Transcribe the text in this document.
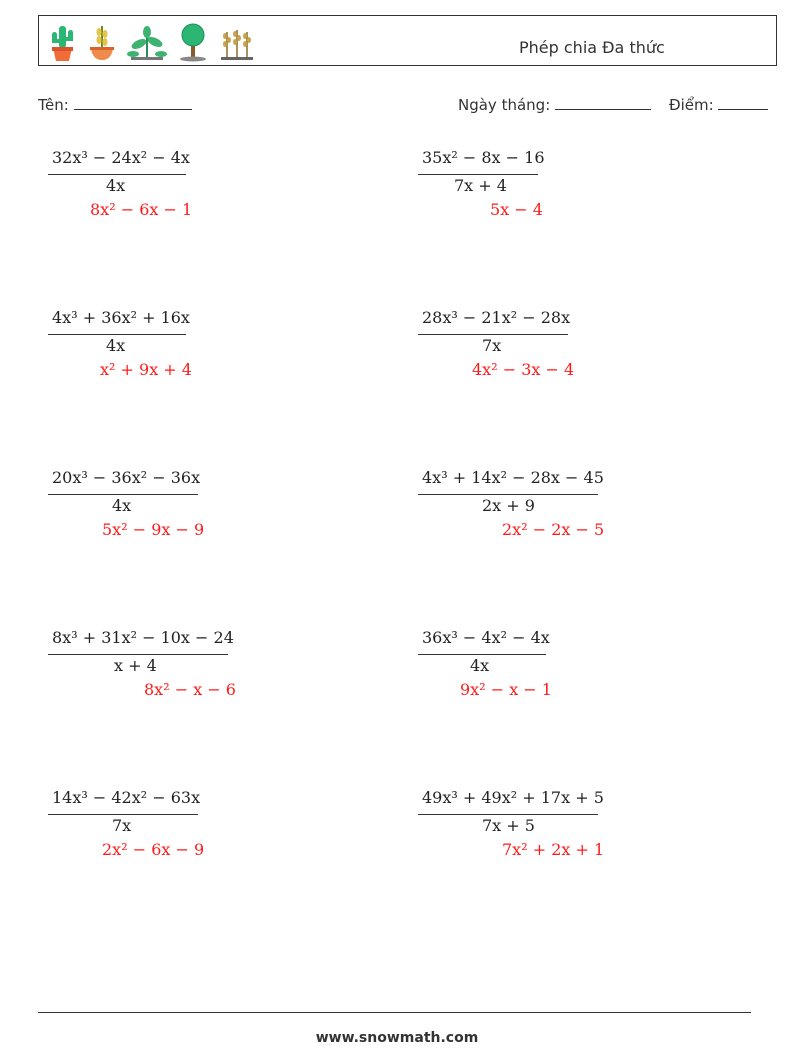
Phép chia Đa thức
Tên:	Ngày tháng:	Điểm:
32x³ − 24x² − 4x
4x
8x² − 6x − 1
35x² − 8x − 16
7x + 4
5x − 4
4x³ + 36x² + 16x
4x
x² + 9x + 4
28x³ − 21x² − 28x
7x
4x² − 3x − 4
20x³ − 36x² − 36x
4x
5x² − 9x − 9
4x³ + 14x² − 28x − 45
2x + 9
2x² − 2x − 5
8x³ + 31x² − 10x − 24
x + 4
8x² − x − 6
36x³ − 4x² − 4x
4x
9x² − x − 1
14x³ − 42x² − 63x
7x
2x² − 6x − 9
49x³ + 49x² + 17x + 5
7x + 5
7x² + 2x + 1
www.snowmath.com
